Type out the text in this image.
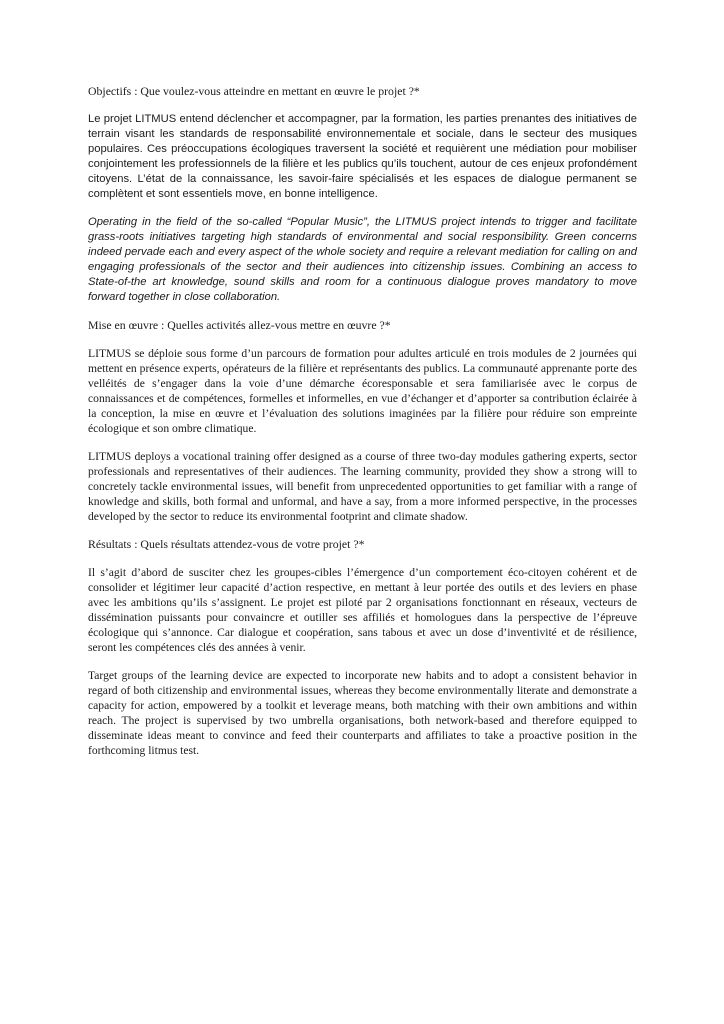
Objectifs : Que voulez-vous atteindre en mettant en œuvre le projet ?*

Le projet LITMUS entend déclencher et accompagner, par la formation, les parties prenantes des initiatives de terrain visant les standards de responsabilité environnementale et sociale, dans le secteur des musiques populaires. Ces préoccupations écologiques traversent la société et requièrent une médiation pour mobiliser conjointement les professionnels de la filière et les publics qu’ils touchent, autour de ces enjeux profondément citoyens. L’état de la connaissance, les savoir-faire spécialisés et les espaces de dialogue permanent se complètent et sont essentiels move, en bonne intelligence.

Operating in the field of the so-called “Popular Music”, the LITMUS project intends to trigger and facilitate grass-roots initiatives targeting high standards of environmental and social responsibility. Green concerns indeed pervade each and every aspect of the whole society and require a relevant mediation for calling on and engaging professionals of the sector and their audiences into citizenship issues. Combining an access to State-of-the art knowledge, sound skills and room for a continuous dialogue proves mandatory to move forward together in close collaboration.

Mise en œuvre : Quelles activités allez-vous mettre en œuvre ?*

LITMUS se déploie sous forme d’un parcours de formation pour adultes articulé en trois modules de 2 journées qui mettent en présence experts, opérateurs de la filière et représentants des publics. La communauté apprenante porte des velléités de s’engager dans la voie d’une démarche écoresponsable et sera familiarisée avec le corpus de connaissances et de compétences, formelles et informelles, en vue d’échanger et d’apporter sa contribution éclairée à la conception, la mise en œuvre et l’évaluation des solutions imaginées par la filière pour réduire son empreinte écologique et son ombre climatique.

LITMUS deploys a vocational training offer designed as a course of three two-day modules gathering experts, sector professionals and representatives of their audiences. The learning community, provided they show a strong will to concretely tackle environmental issues, will benefit from unprecedented opportunities to get familiar with a range of knowledge and skills, both formal and unformal, and have a say, from a more informed perspective, in the processes developed by the sector to reduce its environmental footprint and climate shadow.

Résultats : Quels résultats attendez-vous de votre projet ?*

Il s’agit d’abord de susciter chez les groupes-cibles l’émergence d’un comportement éco-citoyen cohérent et de consolider et légitimer leur capacité d’action respective, en mettant à leur portée des outils et des leviers en phase avec les ambitions qu’ils s’assignent. Le projet est piloté par 2 organisations fonctionnant en réseaux, vecteurs de dissémination puissants pour convaincre et outiller ses affiliés et homologues dans la perspective de l’épreuve écologique qui s’annonce. Car dialogue et coopération, sans tabous et avec un dose d’inventivité et de résilience, seront les compétences clés des années à venir.

Target groups of the learning device are expected to incorporate new habits and to adopt a consistent behavior in regard of both citizenship and environmental issues, whereas they become environmentally literate and demonstrate a capacity for action, empowered by a toolkit et leverage means, both matching with their own ambitions and within reach. The project is supervised by two umbrella organisations, both network-based and therefore equipped to disseminate ideas meant to convince and feed their counterparts and affiliates to take a proactive position in the forthcoming litmus test.
